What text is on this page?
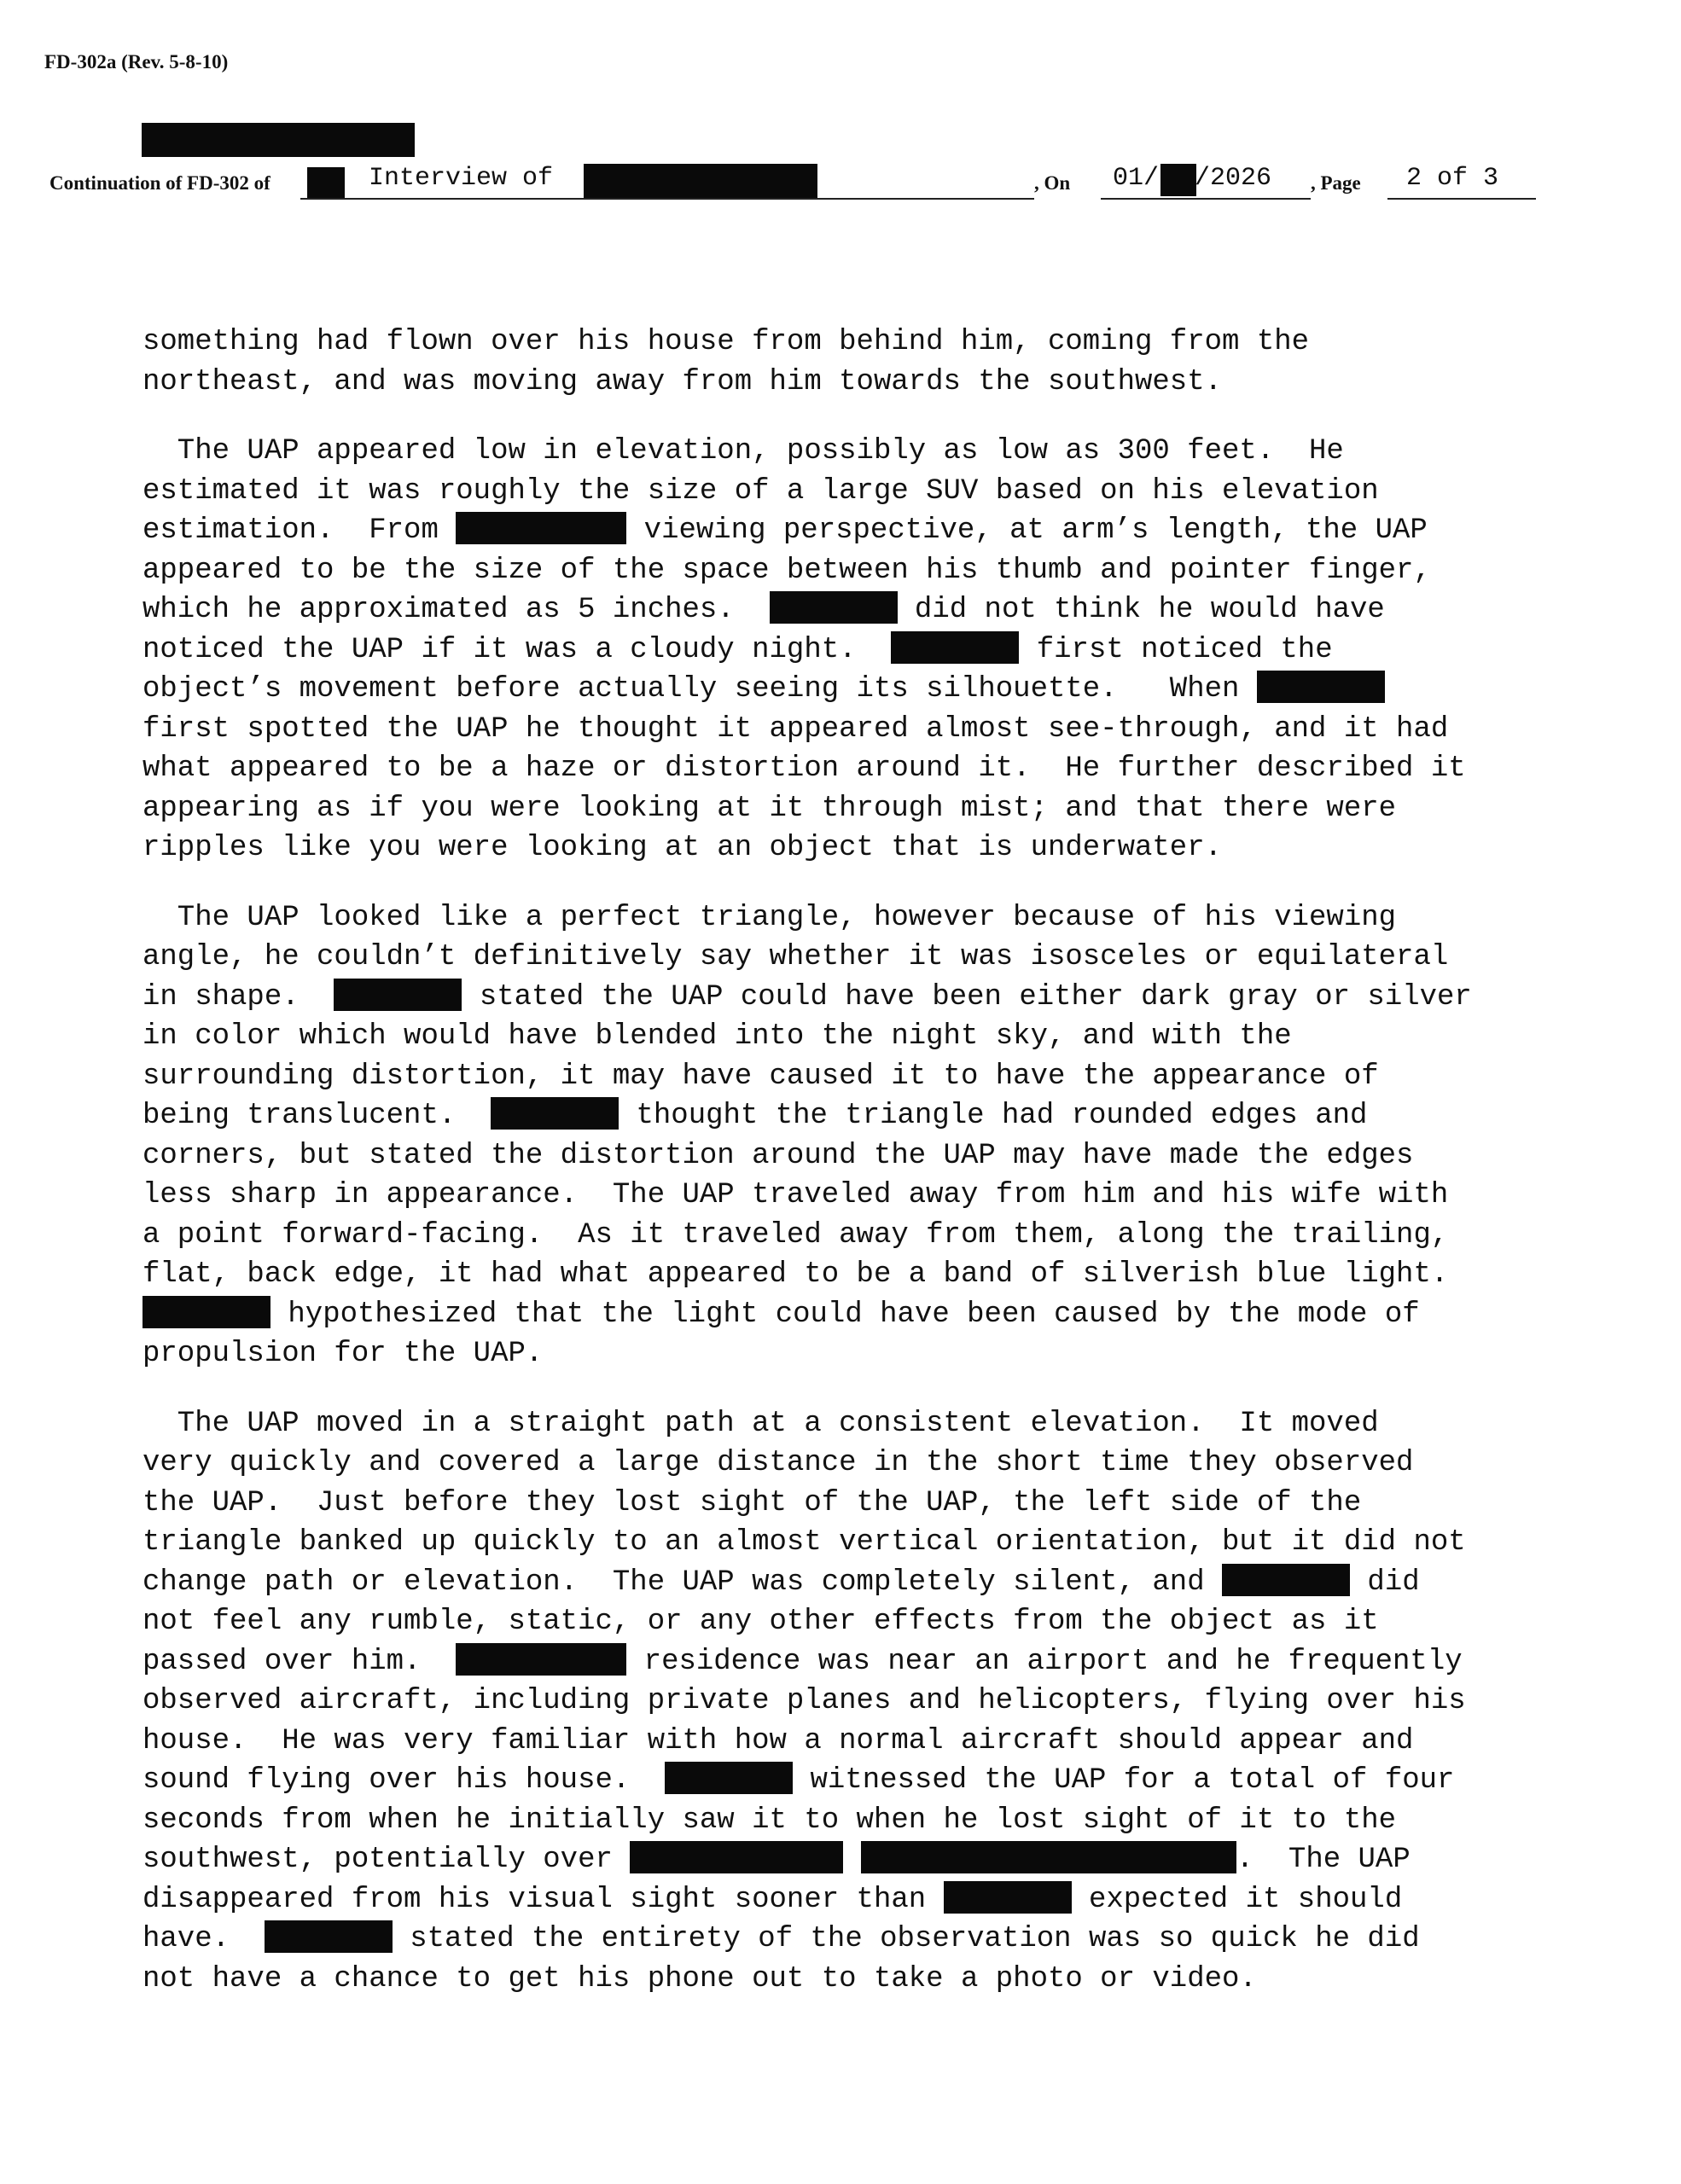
FD-302a (Rev. 5-8-10)
Continuation of FD-302 of	Interview of	, On 01/ /2026 , Page 2 of 3

something had flown over his house from behind him, coming from the
northeast, and was moving away from him towards the southwest.

The UAP appeared low in elevation, possibly as low as 300 feet.  He
estimated it was roughly the size of a large SUV based on his elevation
estimation.  From	viewing perspective, at arm’s length, the UAP
appeared to be the size of the space between his thumb and pointer finger,
which he approximated as 5 inches.	did not think he would have
noticed the UAP if it was a cloudy night.	first noticed the
object’s movement before actually seeing its silhouette.   When
first spotted the UAP he thought it appeared almost see-through, and it had
what appeared to be a haze or distortion around it.  He further described it
appearing as if you were looking at it through mist; and that there were
ripples like you were looking at an object that is underwater.

The UAP looked like a perfect triangle, however because of his viewing
angle, he couldn’t definitively say whether it was isosceles or equilateral
in shape.	stated the UAP could have been either dark gray or silver
in color which would have blended into the night sky, and with the
surrounding distortion, it may have caused it to have the appearance of
being translucent.	thought the triangle had rounded edges and
corners, but stated the distortion around the UAP may have made the edges
less sharp in appearance.  The UAP traveled away from him and his wife with
a point forward-facing.  As it traveled away from them, along the trailing,
flat, back edge, it had what appeared to be a band of silverish blue light.
hypothesized that the light could have been caused by the mode of
propulsion for the UAP.

The UAP moved in a straight path at a consistent elevation.  It moved
very quickly and covered a large distance in the short time they observed
the UAP.  Just before they lost sight of the UAP, the left side of the
triangle banked up quickly to an almost vertical orientation, but it did not
change path or elevation.  The UAP was completely silent, and	did
not feel any rumble, static, or any other effects from the object as it
passed over him.	residence was near an airport and he frequently
observed aircraft, including private planes and helicopters, flying over his
house.  He was very familiar with how a normal aircraft should appear and
sound flying over his house.	witnessed the UAP for a total of four
seconds from when he initially saw it to when he lost sight of it to the
southwest, potentially over	.  The UAP
disappeared from his visual sight sooner than	expected it should
have.	stated the entirety of the observation was so quick he did
not have a chance to get his phone out to take a photo or video.
